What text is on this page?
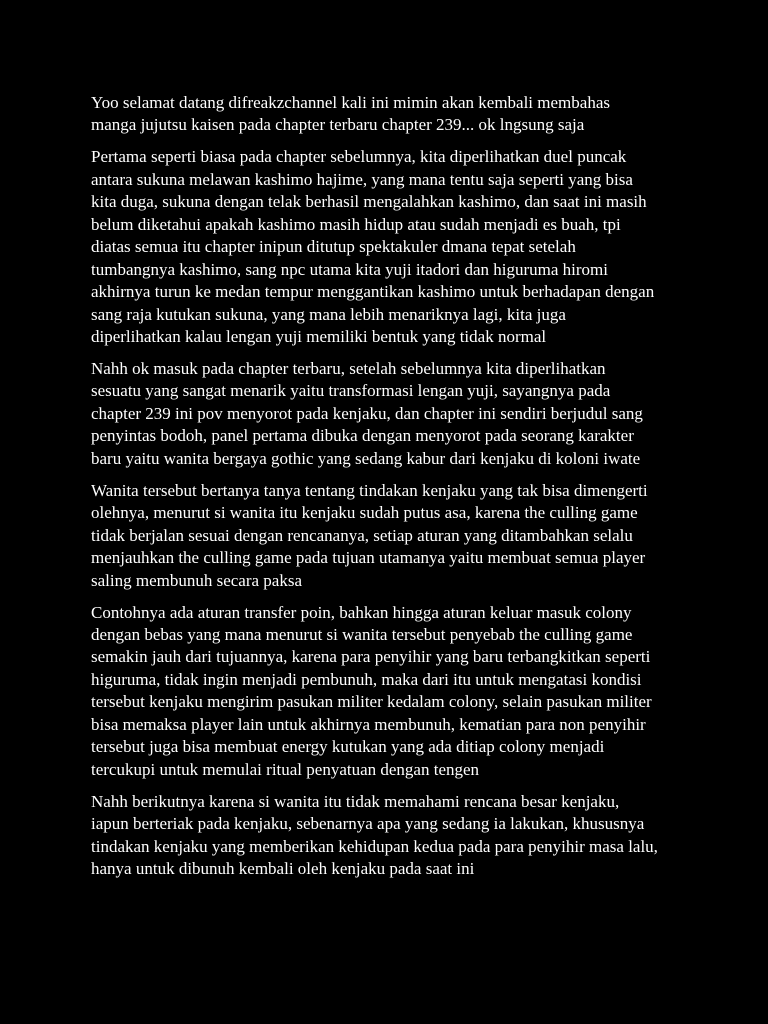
Yoo selamat datang difreakzchannel kali ini mimin akan kembali membahas
manga jujutsu kaisen pada chapter terbaru chapter 239... ok lngsung saja

Pertama seperti biasa pada chapter sebelumnya, kita diperlihatkan duel puncak
antara sukuna melawan kashimo hajime, yang mana tentu saja seperti yang bisa
kita duga, sukuna dengan telak berhasil mengalahkan kashimo, dan saat ini masih
belum diketahui apakah kashimo masih hidup atau sudah menjadi es buah, tpi
diatas semua itu chapter inipun ditutup spektakuler dmana tepat setelah
tumbangnya kashimo, sang npc utama kita yuji itadori dan higuruma hiromi
akhirnya turun ke medan tempur menggantikan kashimo untuk berhadapan dengan
sang raja kutukan sukuna, yang mana lebih menariknya lagi, kita juga
diperlihatkan kalau lengan yuji memiliki bentuk yang tidak normal

Nahh ok masuk pada chapter terbaru, setelah sebelumnya kita diperlihatkan
sesuatu yang sangat menarik yaitu transformasi lengan yuji, sayangnya pada
chapter 239 ini pov menyorot pada kenjaku, dan chapter ini sendiri berjudul sang
penyintas bodoh, panel pertama dibuka dengan menyorot pada seorang karakter
baru yaitu wanita bergaya gothic yang sedang kabur dari kenjaku di koloni iwate

Wanita tersebut bertanya tanya tentang tindakan kenjaku yang tak bisa dimengerti
olehnya, menurut si wanita itu kenjaku sudah putus asa, karena the culling game
tidak berjalan sesuai dengan rencananya, setiap aturan yang ditambahkan selalu
menjauhkan the culling game pada tujuan utamanya yaitu membuat semua player
saling membunuh secara paksa

Contohnya ada aturan transfer poin, bahkan hingga aturan keluar masuk colony
dengan bebas yang mana menurut si wanita tersebut penyebab the culling game
semakin jauh dari tujuannya, karena para penyihir yang baru terbangkitkan seperti
higuruma, tidak ingin menjadi pembunuh, maka dari itu untuk mengatasi kondisi
tersebut kenjaku mengirim pasukan militer kedalam colony, selain pasukan militer
bisa memaksa player lain untuk akhirnya membunuh, kematian para non penyihir
tersebut juga bisa membuat energy kutukan yang ada ditiap colony menjadi
tercukupi untuk memulai ritual penyatuan dengan tengen

Nahh berikutnya karena si wanita itu tidak memahami rencana besar kenjaku,
iapun berteriak pada kenjaku, sebenarnya apa yang sedang ia lakukan, khususnya
tindakan kenjaku yang memberikan kehidupan kedua pada para penyihir masa lalu,
hanya untuk dibunuh kembali oleh kenjaku pada saat ini
